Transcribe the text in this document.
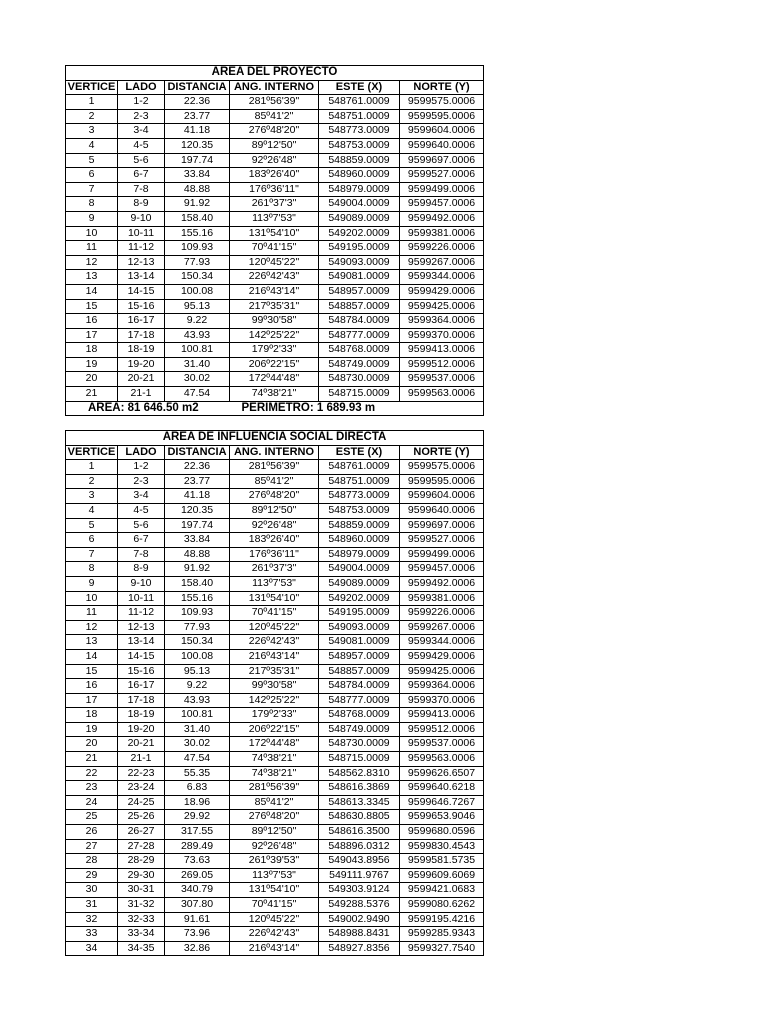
ÁREA DEL PROYECTO					
VERTICE	LADO	DISTANCIA	ANG. INTERNO	ESTE (X)	NORTE (Y)
1	1-2	22.36	281º56'39"	548761.0009	9599575.0006
2	2-3	23.77	85º41'2"	548751.0009	9599595.0006
3	3-4	41.18	276º48'20"	548773.0009	9599604.0006
4	4-5	120.35	89º12'50"	548753.0009	9599640.0006
5	5-6	197.74	92º26'48"	548859.0009	9599697.0006
6	6-7	33.84	183º26'40"	548960.0009	9599527.0006
7	7-8	48.88	176º36'11"	548979.0009	9599499.0006
8	8-9	91.92	261º37'3"	549004.0009	9599457.0006
9	9-10	158.40	113º7'53"	549089.0009	9599492.0006
10	10-11	155.16	131º54'10"	549202.0009	9599381.0006
11	11-12	109.93	70º41'15"	549195.0009	9599226.0006
12	12-13	77.93	120º45'22"	549093.0009	9599267.0006
13	13-14	150.34	226º42'43"	549081.0009	9599344.0006
14	14-15	100.08	216º43'14"	548957.0009	9599429.0006
15	15-16	95.13	217º35'31"	548857.0009	9599425.0006
16	16-17	9.22	99º30'58"	548784.0009	9599364.0006
17	17-18	43.93	142º25'22"	548777.0009	9599370.0006
18	18-19	100.81	179º2'33"	548768.0009	9599413.0006
19	19-20	31.40	206º22'15"	548749.0009	9599512.0006
20	20-21	30.02	172º44'48"	548730.0009	9599537.0006
21	21-1	47.54	74º38'21"	548715.0009	9599563.0006
ÁREA: 81 646.50 m2			PERÍMETRO: 1 689.93 m		
ÁREA DE INFLUENCIA SOCIAL DIRECTA					
VERTICE	LADO	DISTANCIA	ANG. INTERNO	ESTE (X)	NORTE (Y)
1	1-2	22.36	281º56'39"	548761.0009	9599575.0006
2	2-3	23.77	85º41'2"	548751.0009	9599595.0006
3	3-4	41.18	276º48'20"	548773.0009	9599604.0006
4	4-5	120.35	89º12'50"	548753.0009	9599640.0006
5	5-6	197.74	92º26'48"	548859.0009	9599697.0006
6	6-7	33.84	183º26'40"	548960.0009	9599527.0006
7	7-8	48.88	176º36'11"	548979.0009	9599499.0006
8	8-9	91.92	261º37'3"	549004.0009	9599457.0006
9	9-10	158.40	113º7'53"	549089.0009	9599492.0006
10	10-11	155.16	131º54'10"	549202.0009	9599381.0006
11	11-12	109.93	70º41'15"	549195.0009	9599226.0006
12	12-13	77.93	120º45'22"	549093.0009	9599267.0006
13	13-14	150.34	226º42'43"	549081.0009	9599344.0006
14	14-15	100.08	216º43'14"	548957.0009	9599429.0006
15	15-16	95.13	217º35'31"	548857.0009	9599425.0006
16	16-17	9.22	99º30'58"	548784.0009	9599364.0006
17	17-18	43.93	142º25'22"	548777.0009	9599370.0006
18	18-19	100.81	179º2'33"	548768.0009	9599413.0006
19	19-20	31.40	206º22'15"	548749.0009	9599512.0006
20	20-21	30.02	172º44'48"	548730.0009	9599537.0006
21	21-1	47.54	74º38'21"	548715.0009	9599563.0006
22	22-23	55.35	74º38'21"	548562.8310	9599626.6507
23	23-24	6.83	281º56'39"	548616.3869	9599640.6218
24	24-25	18.96	85º41'2"	548613.3345	9599646.7267
25	25-26	29.92	276º48'20"	548630.8805	9599653.9046
26	26-27	317.55	89º12'50"	548616.3500	9599680.0596
27	27-28	289.49	92º26'48"	548896.0312	9599830.4543
28	28-29	73.63	261º39'53"	549043.8956	9599581.5735
29	29-30	269.05	113º7'53"	549111.9767	9599609.6069
30	30-31	340.79	131º54'10"	549303.9124	9599421.0683
31	31-32	307.80	70º41'15"	549288.5376	9599080.6262
32	32-33	91.61	120º45'22"	549002.9490	9599195.4216
33	33-34	73.96	226º42'43"	548988.8431	9599285.9343
34	34-35	32.86	216º43'14"	548927.8356	9599327.7540
